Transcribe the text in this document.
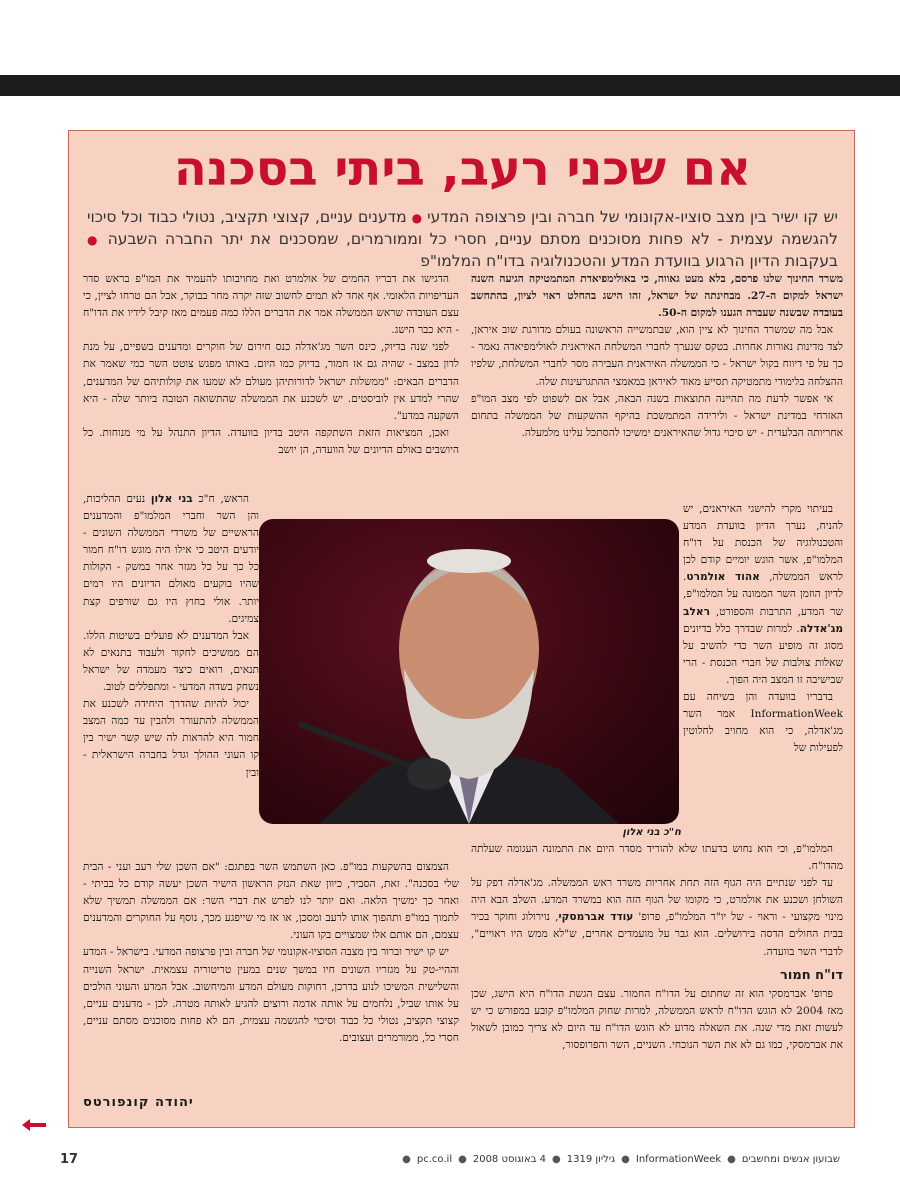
אם שכני רעב, ביתי בסכנה
יש קו ישיר בין מצב סוציו-אקונומי של חברה ובין פרצופה המדעי ● מדענים עניים, קצוצי תקציב, נטולי כבוד וכל סיכוי להגשמה עצמית - לא פחות מסוכנים מסתם עניים, חסרי כל וממורמרים, שמסכנים את יתר החברה השבעה ● בעקבות הדיון הרגוע בוועדת המדע והטכנולוגיה בדו"ח המלמו"פ

משרד החינוך שלנו פרסם, בלא מעט גאווה, כי באולימפיאדת המתמטיקה הגיעה השנה ישראל למקום ה-27. מבחינתה של ישראל, זהו הישג בהחלט ראוי לציון, בהתחשב בעובדה שבשנה שעברה הגענו למקום ה-50.

אבל מה שמשרד החינוך לא ציין הוא, שבתמשייה הראשונה בעולם מדורגת שוב איראן, לצד מדינות נאורות אחרות. בטקס שנערך לחברי המשלחת האיראנית לאולימפיאדה נאמר - כך על פי דיווח בקול ישראל - כי הממשלה האיראנית העבירה מסר לחברי המשלחת, שלפיו ההצלחה בלימודי מתמטיקה תסייע מאוד לאיראן במאמצי ההתגרעינות שלה.

אי אפשר לדעת מה תהיינה התוצאות בשנה הבאה, אבל אם לשפוט לפי מצב המו"פ האזרחי במדינת ישראל - ולירידה המתמשכת בהיקף ההשקעות של הממשלה בתחום אחריותה הבלעדית - יש סיכוי גדול שהאיראנים ימשיכו להסתכל עלינו מלמעלה.

הדגישו את דבריו החמים של אולמרט ואת מחויבותו להעמיד את המו"פ בראש סדר העדיפויות הלאומי. אף אחד לא תמים לחשוב שזה יקרה מחר בבוקר, אבל הם טרחו לציין, כי עצם העובדה שראש הממשלה אמר את הדברים הללו כמה פעמים מאז קיבל לידיו את הדו"ח - היא כבר הישג.

לפני שנה בדיוק, כינס השר מג'אדלה כנס חירום של חוקרים ומדענים בשפיים, על מנת לדון במצב - שהיה גם אז חמור, בדיוק כמו היום. באותו מפגש צוטט השר כמי שאמר את הדברים הבאים: "ממשלות ישראל לדורותיהן מעולם לא שמעו את קולותיהם של המדענים, שהרי למדע אין לוביסטים. יש לשכנע את הממשלה שהתשואה הטובה ביותר שלה - היא השקעה במדע".

ואכן, המציאות הזאת השתקפה היטב בדיון בוועדה. הדיון התנהל על מי מנוחות. כל היושבים באולם הדיונים של הוועדה, הן יושב

בעיתוי מקרי להישגי האיראנים, יש להניח, נערך הדיון בוועדת המדע והטכנולוגיה של הכנסת על דו"ח המלמו"פ, אשר הוגש יומיים קודם לכן לראש הממשלה, אהוד אולמרט. לדיון הוזמן השר הממונה על המלמו"פ, שר המדע, התרבות והספורט, ראלב מג'אדלה. למרות שבדרך כלל בדיונים מסוג זה מופיע השר כדי להשיב על שאלות צולבות של חברי הכנסת - הרי שבישיבה זו המצב היה הפוך.

בדבריו בוועדה והן בשיחה עם InformationWeek אמר השר מג'אדלה, כי הוא מחויב לחלוטין לפעילות של

הראש, ח"כ בני אלון נעים ההליכות, והן השר וחברי המלמו"פ והמדענים הראשיים של משרדי הממשלה השונים - יודעים היטב כי אילו היה מוגש דו"ח חמור כל כך על כל מגזר אחר במשק - הקולות שהיו בוקעים מאולם הדיונים היו רמים יותר. אולי בחוץ היו גם שורפים קצת צמיגים.

אבל המדענים לא פועלים בשיטות הללו. הם ממשיכים לחקור ולעבוד בתנאים לא תנאים, רואים כיצד מעמדה של ישראל נשחק בשדה המדעי - ומתפללים לטוב.

יכול להיות שהדרך היחידה לשכנע את הממשלה להתעורר ולהבין עד כמה המצב חמור היא להראות לה שיש קשר ישיר בין קו העוני ההולך וגדל בחברה הישראלית - ובין

ח"כ בני אלון

המלמו"פ, וכי הוא נחוש בדעתו שלא להוריד מסדר היום את התמונה העגומה שעלתה מהדו"ח.

עד לפני שנתיים היה הגוף הזה תחת אחריות משרד ראש הממשלה. מג'אדלה דפק על השולחן ושכנע את אולמרט, כי מקומו של הגוף הזה הוא במשרד המדע. השלב הבא היה מינוי מקצועי - וראוי - של יו"ר המלמו"פ, פרופ' עודד אברמסקי, נוירולוג וחוקר בכיר בבית החולים הדסה בירושלים. הוא גבר על מועמדים אחרים, ש"לא ממש היו ראויים", לדברי השר בוועדה.

דו"ח חמור

פרופ' אברמסקי הוא זה שחתום על הדו"ח החמור. עצם הגשת הדו"ח היא הישג, שכן מאז 2004 לא הוגש הדו"ח לראש הממשלה, למרות שחוק המלמו"פ קובע במפורש כי יש לעשות זאת מדי שנה. את השאלה מדוע לא הוגש הדו"ח עד היום לא צריך כמובן לשאול את אברמסקי, כמו גם לא את השר הנוכחי. השניים, השר והפרופסור,

הצמצום בהשקעות במו"פ. כאן השתמש השר בפתגם: "אם השכן שלי רעב ועני - הבית שלי בסכנה". זאת, הסביר, כיוון שאת הנזק הראשון הישיר השכן יעשה קודם כל בביתי - ואחר כך ימשיך הלאה. ואם יותר לנו לפרש את דברי השר: אם הממשלה תמשיך שלא לתמוך במו"פ ותהפוך אותו לרעב ומסכן, או אז מי שייפגע מכך, נוסף על החוקרים והמדענים עצמם, הם אותם אלו שמצויים בקו העוני.

יש קו ישיר וברור בין מצבה הסוציו-אקונומי של חברה ובין פרצופה המדעי. בישראל - המדע וההיי-טק על מגזריו השונים חיו במשך שנים במעין טריטוריה עצמאית. ישראל השנייה והשלישית המשיכו לנוע בדרכן, רחוקות מעולם המדע והמיחשוב. אבל המדע והעוני הולכים על אותו שביל, נלחמים על אותה אדמה ורוצים להגיע לאותה מטרה. לכן - מדענים עניים, קצוצי תקציב, נטולי כל כבוד וסיכוי להגשמה עצמית, הם לא פחות מסוכנים מסתם עניים, חסרי כל, ממורמרים ועצובים.

יהודה קונפורטס
שבועון אנשים ומחשבים
●
InformationWeek
●
גיליון 1319
●
4 באוגוסט 2008
●
pc.co.il
●
17
